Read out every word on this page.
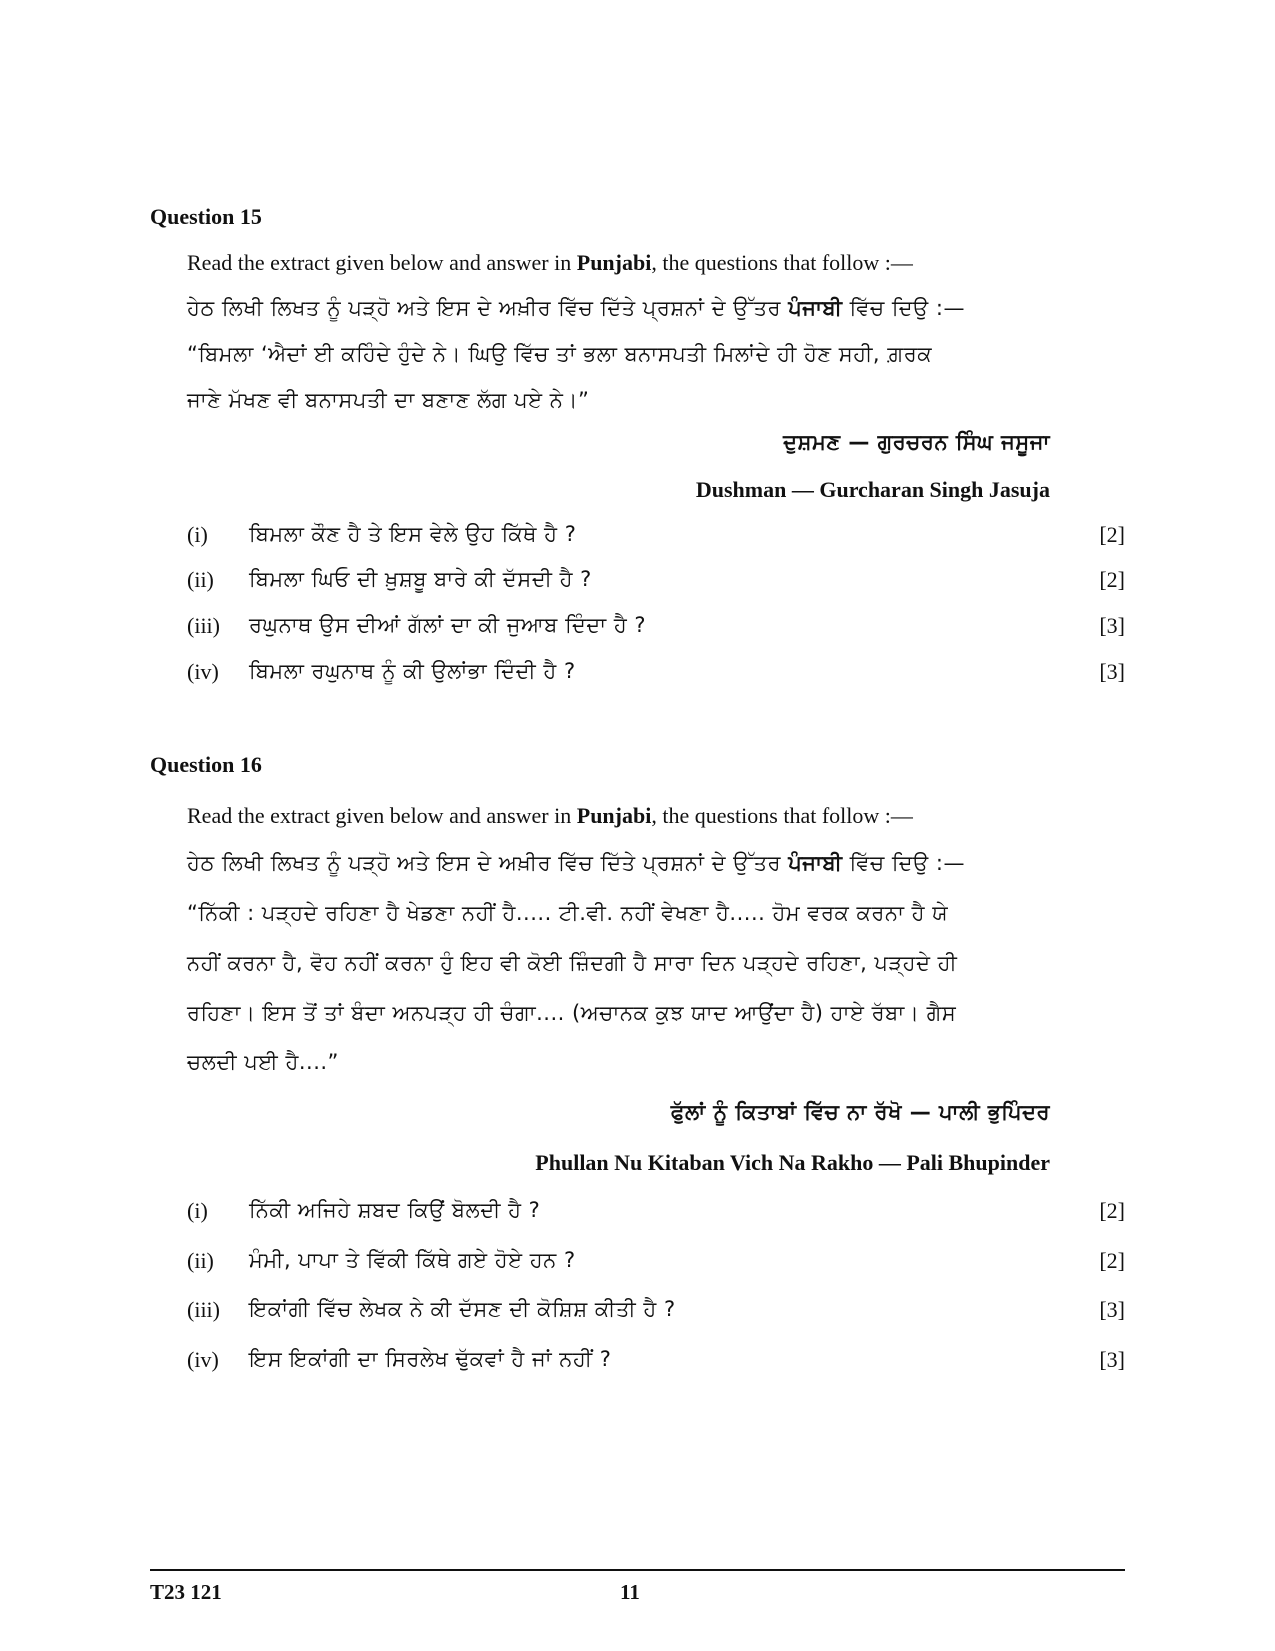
Question 15

Read the extract given below and answer in Punjabi, the questions that follow :—

ਹੇਠ ਲਿਖੀ ਲਿਖਤ ਨੂੰ ਪੜ੍ਹੋ ਅਤੇ ਇਸ ਦੇ ਅਖ਼ੀਰ ਵਿੱਚ ਦਿੱਤੇ ਪ੍ਰਸ਼ਨਾਂ ਦੇ ਉੱਤਰ ਪੰਜਾਬੀ ਵਿੱਚ ਦਿਉ :—

“ਬਿਮਲਾ ‘ਐਦਾਂ ਈ ਕਹਿੰਦੇ ਹੁੰਦੇ ਨੇ। ਘਿਉ ਵਿੱਚ ਤਾਂ ਭਲਾ ਬਨਾਸਪਤੀ ਮਿਲਾਂਦੇ ਹੀ ਹੋਣ ਸਹੀ, ਗ਼ਰਕ

ਜਾਣੇ ਮੱਖਣ ਵੀ ਬਨਾਸਪਤੀ ਦਾ ਬਣਾਣ ਲੱਗ ਪਏ ਨੇ।”

ਦੁਸ਼ਮਣ — ਗੁਰਚਰਨ ਸਿੰਘ ਜਸੂਜਾ

Dushman — Gurcharan Singh Jasuja

(i) ਬਿਮਲਾ ਕੌਣ ਹੈ ਤੇ ਇਸ ਵੇਲੇ ਉਹ ਕਿੱਥੇ ਹੈ ?	[2]
(ii) ਬਿਮਲਾ ਘਿਓ ਦੀ ਖ਼ੁਸ਼ਬੂ ਬਾਰੇ ਕੀ ਦੱਸਦੀ ਹੈ ?	[2]
(iii) ਰਘੁਨਾਥ ਉਸ ਦੀਆਂ ਗੱਲਾਂ ਦਾ ਕੀ ਜੁਆਬ ਦਿੰਦਾ ਹੈ ?	[3]
(iv) ਬਿਮਲਾ ਰਘੁਨਾਥ ਨੂੰ ਕੀ ਉਲਾਂਭਾ ਦਿੰਦੀ ਹੈ ?	[3]
Question 16

Read the extract given below and answer in Punjabi, the questions that follow :—

ਹੇਠ ਲਿਖੀ ਲਿਖਤ ਨੂੰ ਪੜ੍ਹੋ ਅਤੇ ਇਸ ਦੇ ਅਖ਼ੀਰ ਵਿੱਚ ਦਿੱਤੇ ਪ੍ਰਸ਼ਨਾਂ ਦੇ ਉੱਤਰ ਪੰਜਾਬੀ ਵਿੱਚ ਦਿਉ :—

“ਨਿੱਕੀ : ਪੜ੍ਹਦੇ ਰਹਿਣਾ ਹੈ ਖੇਡਣਾ ਨਹੀਂ ਹੈ..... ਟੀ.ਵੀ. ਨਹੀਂ ਵੇਖਣਾ ਹੈ..... ਹੋਮ ਵਰਕ ਕਰਨਾ ਹੈ ਯੇ

ਨਹੀਂ ਕਰਨਾ ਹੈ, ਵੋਹ ਨਹੀਂ ਕਰਨਾ ਹੁੰ ਇਹ ਵੀ ਕੋਈ ਜ਼ਿੰਦਗੀ ਹੈ ਸਾਰਾ ਦਿਨ ਪੜ੍ਹਦੇ ਰਹਿਣਾ, ਪੜ੍ਹਦੇ ਹੀ

ਰਹਿਣਾ। ਇਸ ਤੋਂ ਤਾਂ ਬੰਦਾ ਅਨਪੜ੍ਹ ਹੀ ਚੰਗਾ.... (ਅਚਾਨਕ ਕੁਝ ਯਾਦ ਆਉਂਦਾ ਹੈ) ਹਾਏ ਰੱਬਾ। ਗੈਸ

ਚਲਦੀ ਪਈ ਹੈ....”

ਫੁੱਲਾਂ ਨੂੰ ਕਿਤਾਬਾਂ ਵਿੱਚ ਨਾ ਰੱਖੋ — ਪਾਲੀ ਭੁਪਿੰਦਰ

Phullan Nu Kitaban Vich Na Rakho — Pali Bhupinder

(i) ਨਿੱਕੀ ਅਜਿਹੇ ਸ਼ਬਦ ਕਿਉਂ ਬੋਲਦੀ ਹੈ ?	[2]
(ii) ਮੰਮੀ, ਪਾਪਾ ਤੇ ਵਿੱਕੀ ਕਿੱਥੇ ਗਏ ਹੋਏ ਹਨ ?	[2]
(iii) ਇਕਾਂਗੀ ਵਿੱਚ ਲੇਖਕ ਨੇ ਕੀ ਦੱਸਣ ਦੀ ਕੋਸ਼ਿਸ਼ ਕੀਤੀ ਹੈ ?	[3]
(iv) ਇਸ ਇਕਾਂਗੀ ਦਾ ਸਿਰਲੇਖ ਢੁੱਕਵਾਂ ਹੈ ਜਾਂ ਨਹੀਂ ?	[3]
T23 121	11
